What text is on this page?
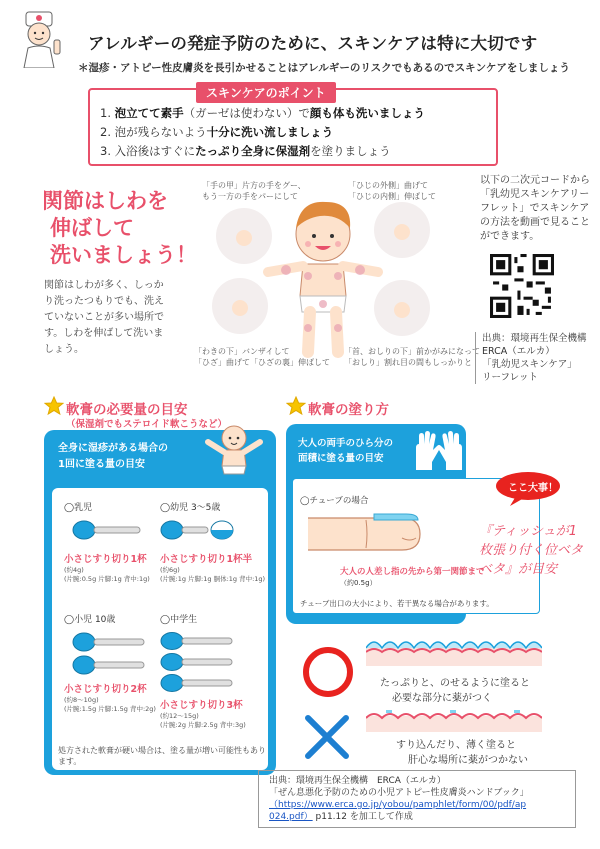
アレルギーの発症予防のために、スキンケアは特に大切です
＊湿疹・アトピー性皮膚炎を長引かせることはアレルギーのリスクでもあるのでスキンケアをしましょう
1. 泡立てて素手（ガーゼは使わない）で顔も体も洗いましょう
2. 泡が残らないよう十分に洗い流しましょう
3. 入浴後はすぐにたっぷり全身に保湿剤を塗りましょう
スキンケアのポイント
関節はしわを
伸ばして
洗いましょう！
関節はしわが多く、しっかり洗ったつもりでも、洗えていないことが多い場所です。しわを伸ばして洗いましょう。
「手の甲」片方の手をグー、
もう一方の手をパーにして
「ひじの外側」曲げて
「ひじの内側」伸ばして
「わきの下」バンザイして
「ひざ」曲げて「ひざの裏」伸ばして
「首、おしりの下」前かがみになって
「おしり」割れ目の間もしっかりと
以下の二次元コードから「乳幼児スキンケアリーフレット」でスキンケアの方法を動画で見ることができます。
出典：環境再生保全機構
ERCA（エルカ）
「乳幼児スキンケア」
リーフレット
軟膏の必要量の目安
（保湿剤でもステロイド軟こうなど）
全身に湿疹がある場合の
1回に塗る量の目安
◯乳児
小さじすり切り1杯
(約4g)
(片腕:0.5g 片脚:1g 背中:1g)
◯幼児 3～5歳
小さじすり切り1杯半
(約6g)
(片腕:1g 片脚:1g 胴体:1g 背中:1g)
◯小児 10歳
小さじすり切り2杯
(約8～10g)
(片腕:1.5g 片脚:1.5g 背中:2g)
◯中学生
小さじすり切り3杯
(約12～15g)
(片腕:2g 片脚:2.5g 背中:3g)
処方された軟膏が硬い場合は、塗る量が増い可能性もあります。
軟膏の塗り方
大人の両手のひら分の
面積に塗る量の目安
◯チューブの場合
大人の人差し指の先から第一関節まで
（約0.5g）
チューブ出口の大小により、若干異なる場合があります。
ここ大事！
『ティッシュが1 枚張り付く位ベタベタ』が目安
たっぷりと、のせるように塗ると
必要な部分に薬がつく
すり込んだり、薄く塗ると
肝心な場所に薬がつかない
出典：環境再生保全機構　ERCA（エルカ）
「ぜん息悪化予防のための小児アトピー性皮膚炎ハンドブック」
（https://www.erca.go.jp/yobou/pamphlet/form/00/pdf/ap
024.pdf） p11.12 を加工して作成
